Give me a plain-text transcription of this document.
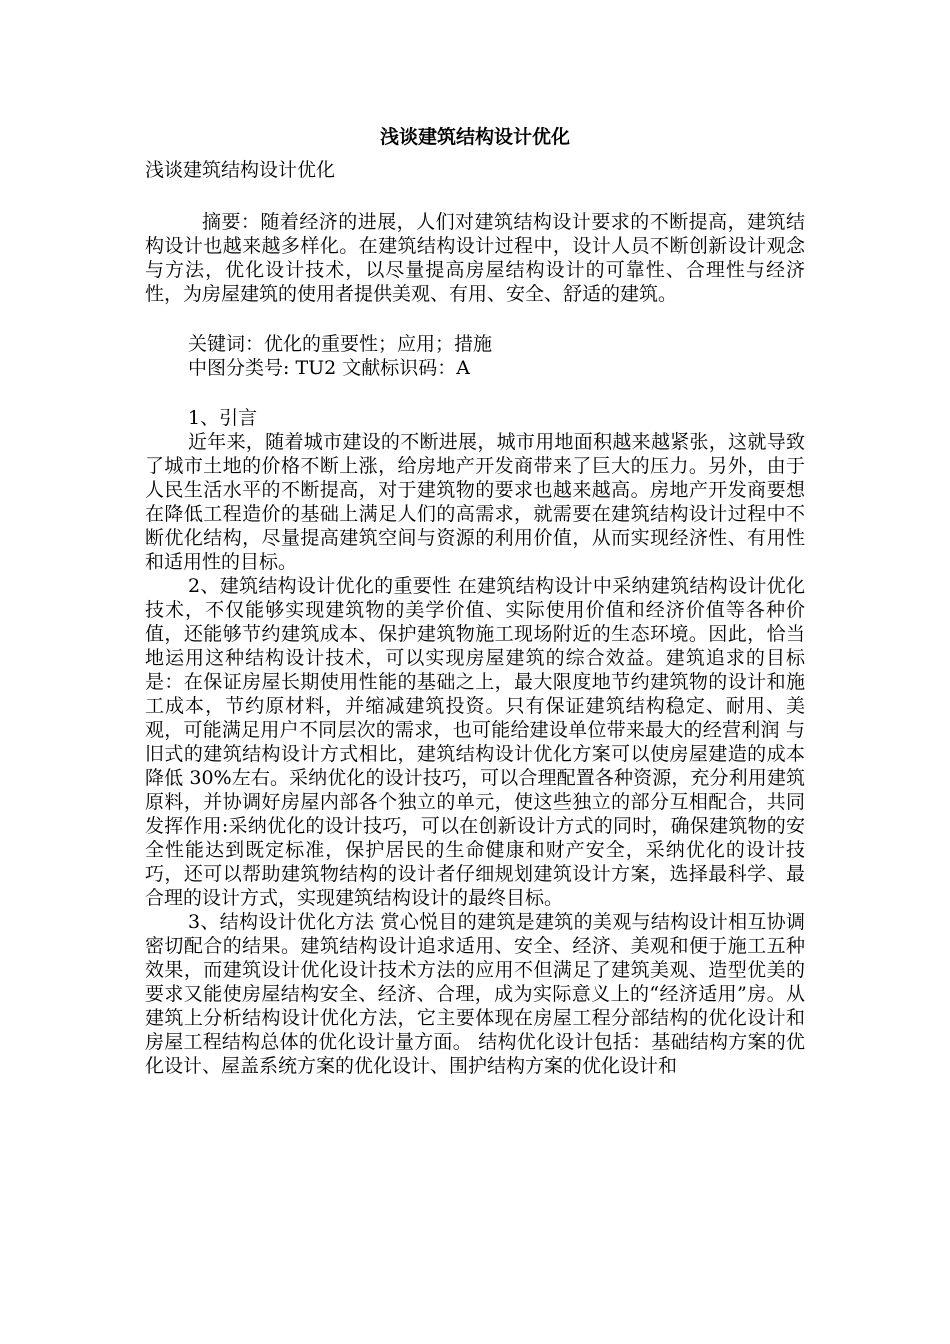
浅谈建筑结构设计优化
浅谈建筑结构设计优化

摘要：随着经济的进展，人们对建筑结构设计要求的不断提高，建筑结构设计也越来越多样化。在建筑结构设计过程中，设计人员不断创新设计观念与方法，优化设计技术，以尽量提高房屋结构设计的可靠性、合理性与经济性，为房屋建筑的使用者提供美观、有用、安全、舒适的建筑。

关键词：优化的重要性；应用；措施
中图分类号: TU2 文献标识码：A
1、引言

近年来，随着城市建设的不断进展，城市用地面积越来越紧张，这就导致了城市土地的价格不断上涨，给房地产开发商带来了巨大的压力。另外，由于人民生活水平的不断提高，对于建筑物的要求也越来越高。房地产开发商要想在降低工程造价的基础上满足人们的高需求，就需要在建筑结构设计过程中不断优化结构，尽量提高建筑空间与资源的利用价值，从而实现经济性、有用性和适用性的目标。

2、建筑结构设计优化的重要性 在建筑结构设计中采纳建筑结构设计优化技术，不仅能够实现建筑物的美学价值、实际使用价值和经济价值等各种价值，还能够节约建筑成本、保护建筑物施工现场附近的生态环境。因此，恰当地运用这种结构设计技术，可以实现房屋建筑的综合效益。建筑追求的目标是：在保证房屋长期使用性能的基础之上，最大限度地节约建筑物的设计和施工成本，节约原材料，并缩减建筑投资。只有保证建筑结构稳定、耐用、美观，可能满足用户不同层次的需求，也可能给建设单位带来最大的经营利润 与旧式的建筑结构设计方式相比，建筑结构设计优化方案可以使房屋建造的成本降低 30%左右。采纳优化的设计技巧，可以合理配置各种资源，充分利用建筑原料，并协调好房屋内部各个独立的单元，使这些独立的部分互相配合，共同发挥作用:采纳优化的设计技巧，可以在创新设计方式的同时，确保建筑物的安全性能达到既定标准，保护居民的生命健康和财产安全，采纳优化的设计技巧，还可以帮助建筑物结构的设计者仔细规划建筑设计方案，选择最科学、最合理的设计方式，实现建筑结构设计的最终目标。

3、结构设计优化方法 赏心悦目的建筑是建筑的美观与结构设计相互协调密切配合的结果。建筑结构设计追求适用、安全、经济、美观和便于施工五种效果，而建筑设计优化设计技术方法的应用不但满足了建筑美观、造型优美的要求又能使房屋结构安全、经济、合理，成为实际意义上的“经济适用”房。从建筑上分析结构设计优化方法，它主要体现在房屋工程分部结构的优化设计和房屋工程结构总体的优化设计量方面。 结构优化设计包括：基础结构方案的优化设计、屋盖系统方案的优化设计、围护结构方案的优化设计和
